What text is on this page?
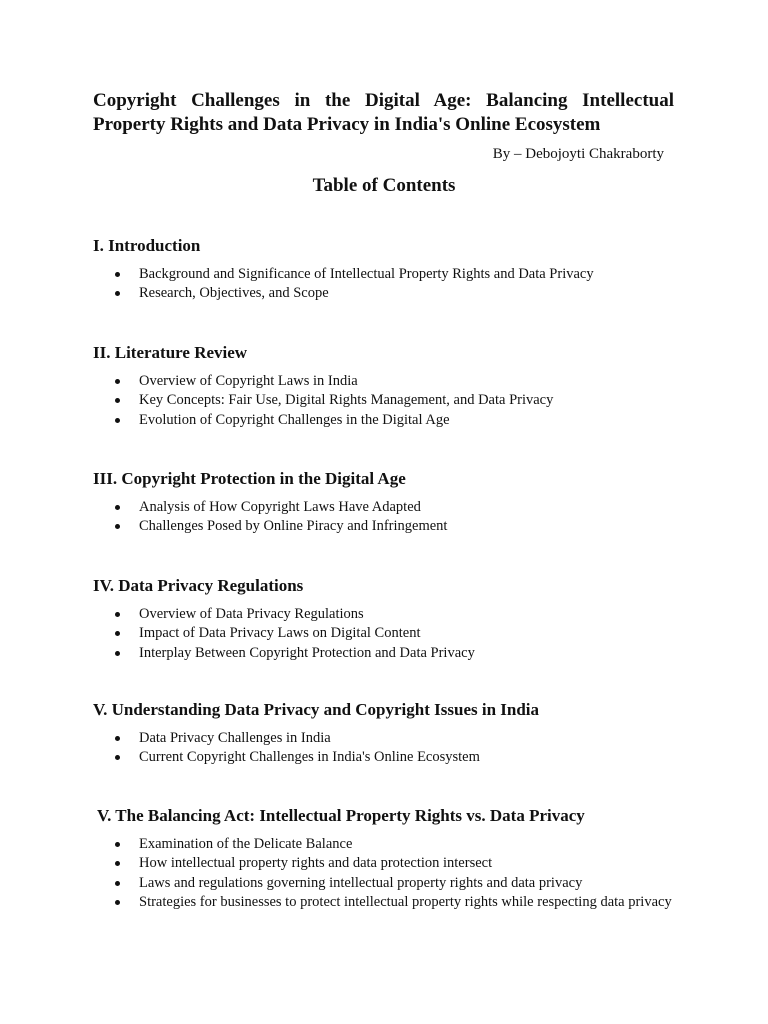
Copyright Challenges in the Digital Age: Balancing Intellectual Property Rights and Data Privacy in India's Online Ecosystem
By – Debojoyti Chakraborty
Table of Contents
I. Introduction
Background and Significance of Intellectual Property Rights and Data Privacy
Research, Objectives, and Scope
II. Literature Review
Overview of Copyright Laws in India
Key Concepts: Fair Use, Digital Rights Management, and Data Privacy
Evolution of Copyright Challenges in the Digital Age
III. Copyright Protection in the Digital Age
Analysis of How Copyright Laws Have Adapted
Challenges Posed by Online Piracy and Infringement
IV. Data Privacy Regulations
Overview of Data Privacy Regulations
Impact of Data Privacy Laws on Digital Content
Interplay Between Copyright Protection and Data Privacy
V. Understanding Data Privacy and Copyright Issues in India
Data Privacy Challenges in India
Current Copyright Challenges in India's Online Ecosystem
V. The Balancing Act: Intellectual Property Rights vs. Data Privacy
Examination of the Delicate Balance
How intellectual property rights and data protection intersect
Laws and regulations governing intellectual property rights and data privacy
Strategies for businesses to protect intellectual property rights while respecting data privacy
